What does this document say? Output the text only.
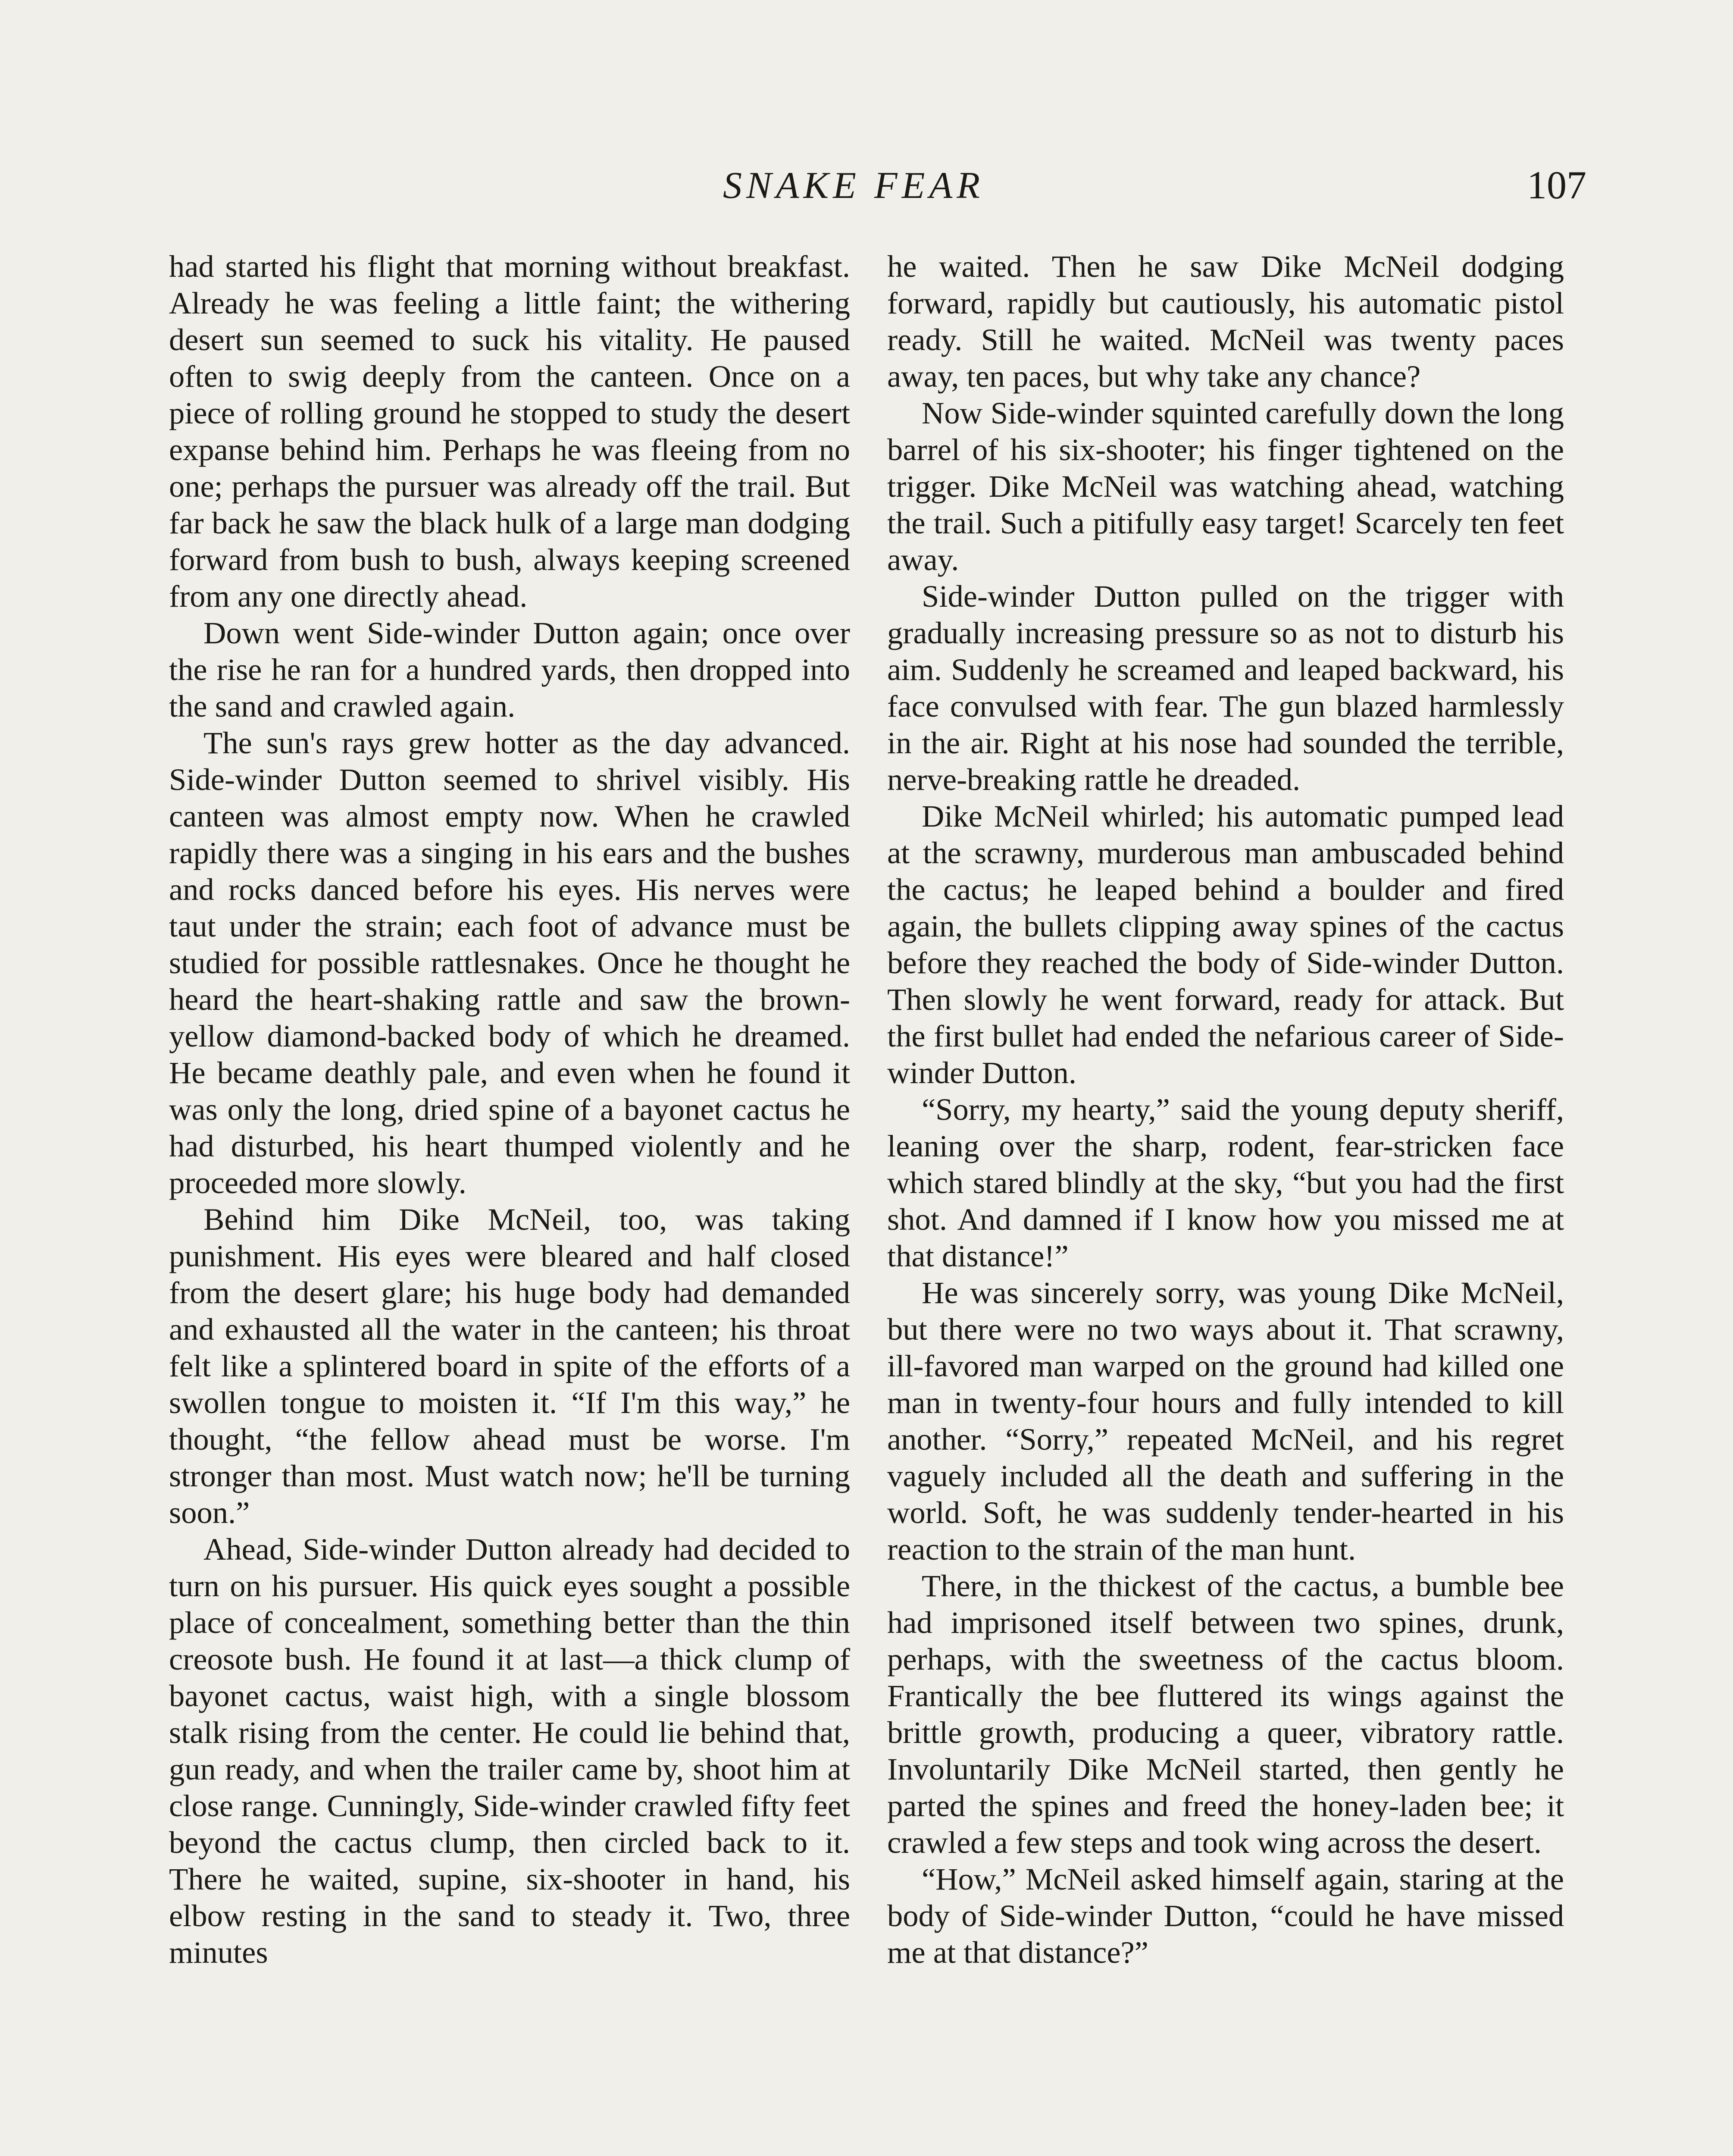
SNAKE FEAR	107

had started his flight that morning without breakfast. Already he was feeling a little faint; the withering desert sun seemed to suck his vitality. He paused often to swig deeply from the canteen. Once on a piece of rolling ground he stopped to study the desert expanse behind him. Perhaps he was fleeing from no one; perhaps the pursuer was already off the trail. But far back he saw the black hulk of a large man dodging forward from bush to bush, always keeping screened from any one directly ahead.

Down went Side-winder Dutton again; once over the rise he ran for a hundred yards, then dropped into the sand and crawled again.

The sun's rays grew hotter as the day advanced. Side-winder Dutton seemed to shrivel visibly. His canteen was almost empty now. When he crawled rapidly there was a singing in his ears and the bushes and rocks danced before his eyes. His nerves were taut under the strain; each foot of advance must be studied for possible rattlesnakes. Once he thought he heard the heart-shaking rattle and saw the brown-yellow diamond-backed body of which he dreamed. He became deathly pale, and even when he found it was only the long, dried spine of a bayonet cactus he had disturbed, his heart thumped violently and he proceeded more slowly.

Behind him Dike McNeil, too, was taking punishment. His eyes were bleared and half closed from the desert glare; his huge body had demanded and exhausted all the water in the canteen; his throat felt like a splintered board in spite of the efforts of a swollen tongue to moisten it. “If I'm this way,” he thought, “the fellow ahead must be worse. I'm stronger than most. Must watch now; he'll be turning soon.”

Ahead, Side-winder Dutton already had decided to turn on his pursuer. His quick eyes sought a possible place of concealment, something better than the thin creosote bush. He found it at last—a thick clump of bayonet cactus, waist high, with a single blossom stalk rising from the center. He could lie behind that, gun ready, and when the trailer came by, shoot him at close range. Cunningly, Side-winder crawled fifty feet beyond the cactus clump, then circled back to it. There he waited, supine, six-shooter in hand, his elbow resting in the sand to steady it. Two, three minutes

he waited. Then he saw Dike McNeil dodging forward, rapidly but cautiously, his automatic pistol ready. Still he waited. McNeil was twenty paces away, ten paces, but why take any chance?

Now Side-winder squinted carefully down the long barrel of his six-shooter; his finger tightened on the trigger. Dike McNeil was watching ahead, watching the trail. Such a pitifully easy target! Scarcely ten feet away.

Side-winder Dutton pulled on the trigger with gradually increasing pressure so as not to disturb his aim. Suddenly he screamed and leaped backward, his face convulsed with fear. The gun blazed harmlessly in the air. Right at his nose had sounded the terrible, nerve-breaking rattle he dreaded.

Dike McNeil whirled; his automatic pumped lead at the scrawny, murderous man ambuscaded behind the cactus; he leaped behind a boulder and fired again, the bullets clipping away spines of the cactus before they reached the body of Side-winder Dutton. Then slowly he went forward, ready for attack. But the first bullet had ended the nefarious career of Side-winder Dutton.

“Sorry, my hearty,” said the young deputy sheriff, leaning over the sharp, rodent, fear-stricken face which stared blindly at the sky, “but you had the first shot. And damned if I know how you missed me at that distance!”

He was sincerely sorry, was young Dike McNeil, but there were no two ways about it. That scrawny, ill-favored man warped on the ground had killed one man in twenty-four hours and fully intended to kill another. “Sorry,” repeated McNeil, and his regret vaguely included all the death and suffering in the world. Soft, he was suddenly tender-hearted in his reaction to the strain of the man hunt.

There, in the thickest of the cactus, a bumble bee had imprisoned itself between two spines, drunk, perhaps, with the sweetness of the cactus bloom. Frantically the bee fluttered its wings against the brittle growth, producing a queer, vibratory rattle. Involuntarily Dike McNeil started, then gently he parted the spines and freed the honey-laden bee; it crawled a few steps and took wing across the desert.

“How,” McNeil asked himself again, staring at the body of Side-winder Dutton, “could he have missed me at that distance?”
